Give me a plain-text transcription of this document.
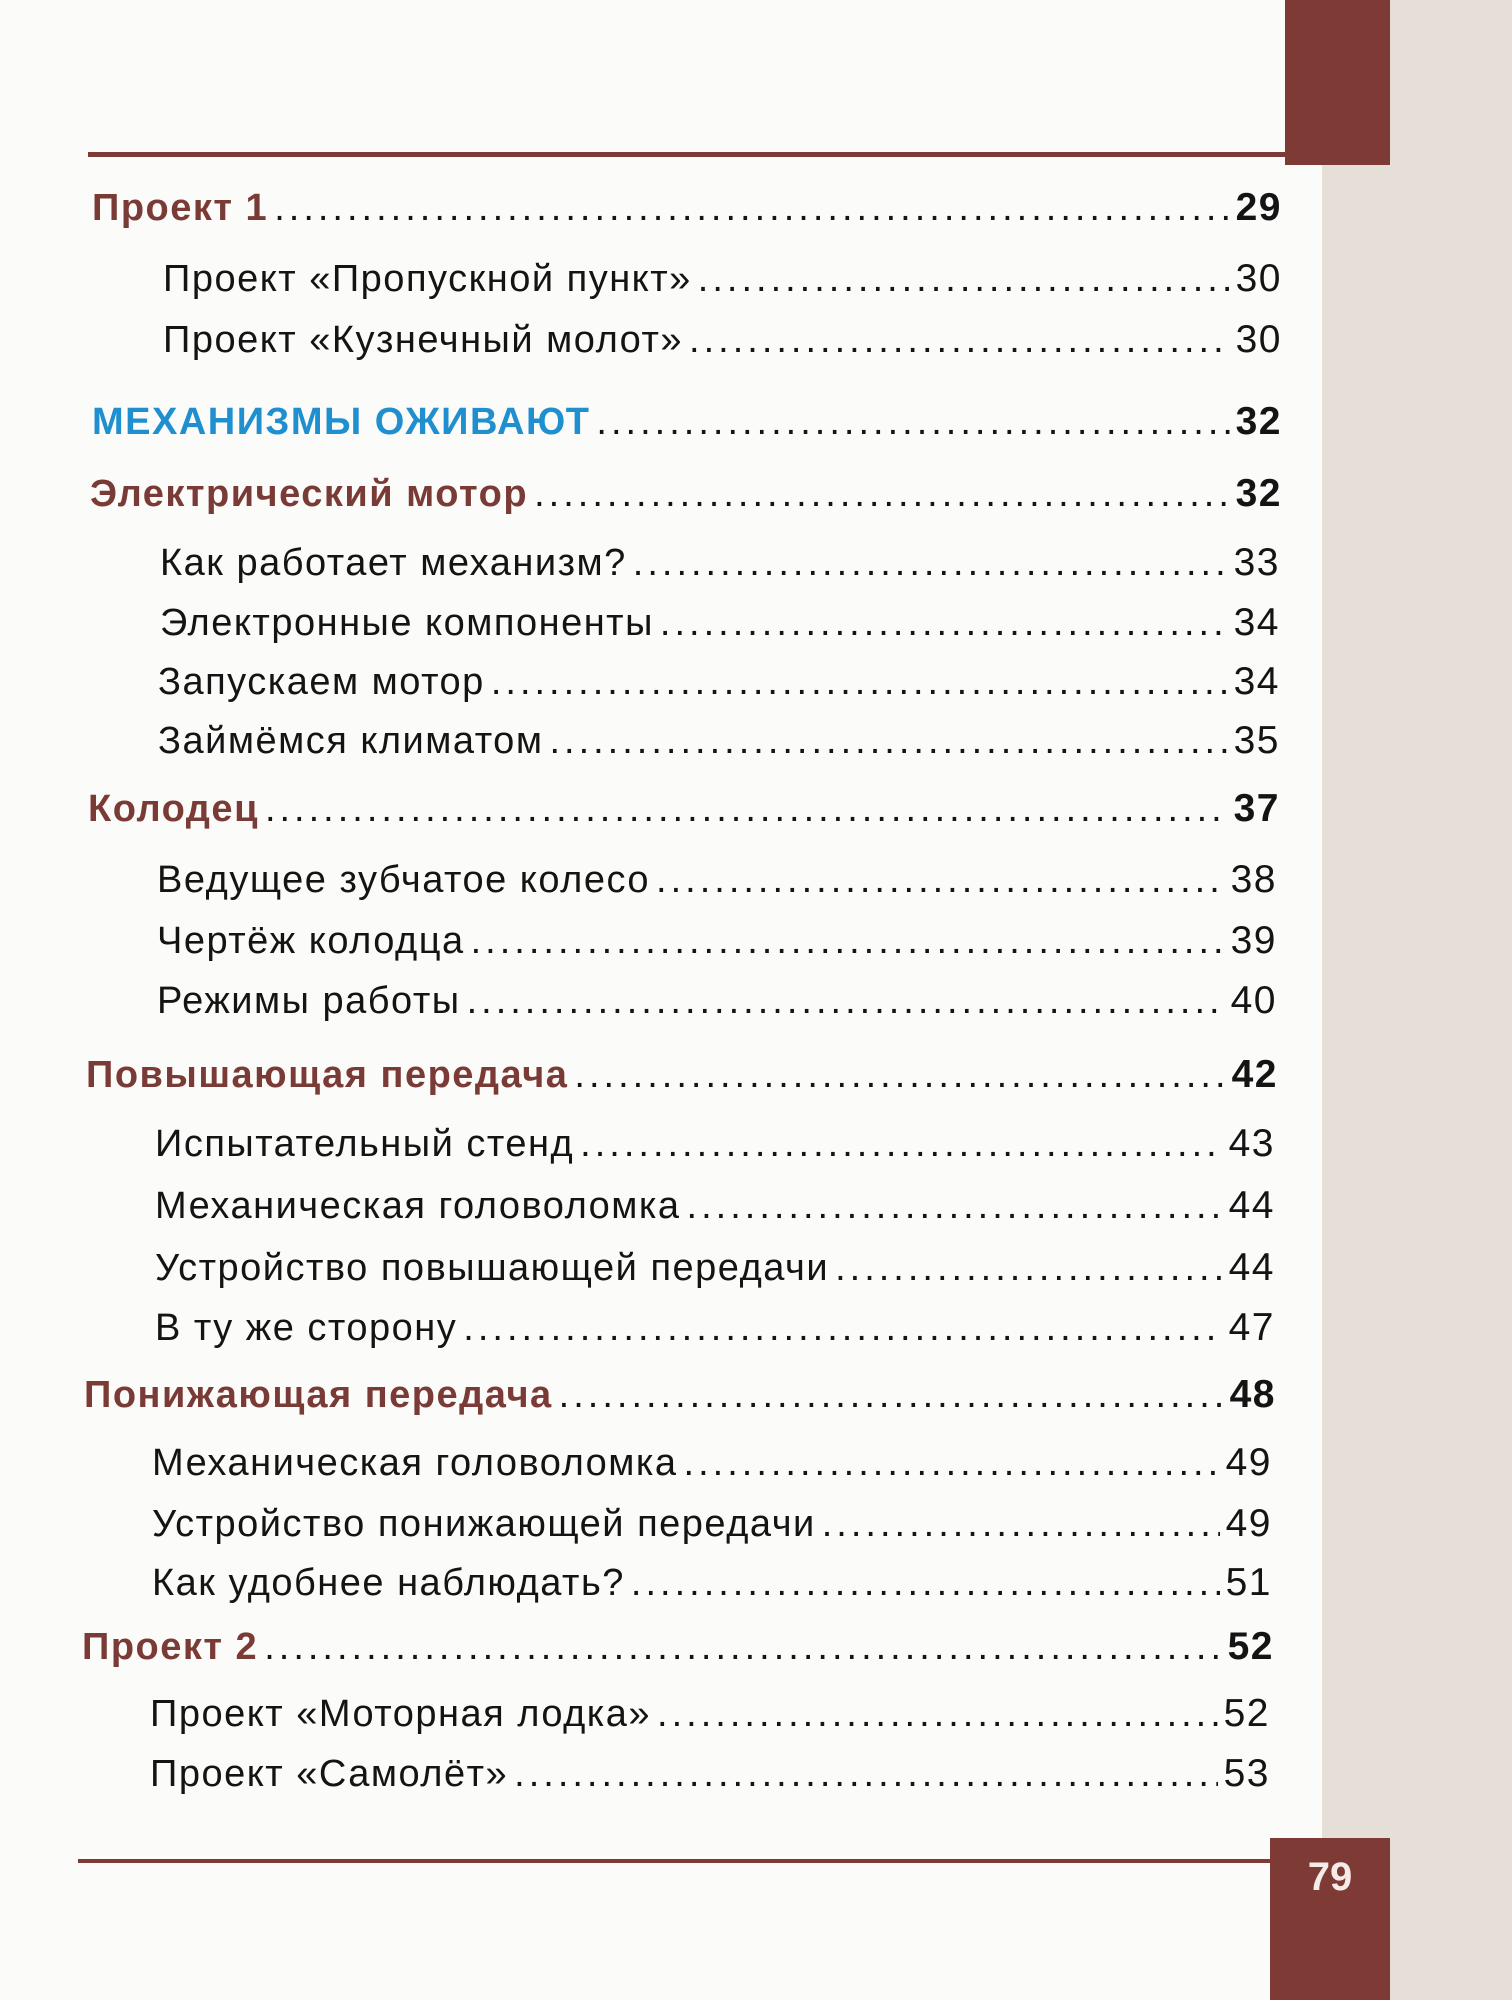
Проект 1 .....	29
Проект «Пропускной пункт» .....	30
Проект «Кузнечный молот» .....	30
МЕХАНИЗМЫ ОЖИВАЮТ .....	32
Электрический мотор .....	32
Как работает механизм? .....	33
Электронные компоненты .....	34
Запускаем мотор .....	34
Займёмся климатом .....	35
Колодец .....	37
Ведущее зубчатое колесо .....	38
Чертёж колодца .....	39
Режимы работы .....	40
Повышающая передача .....	42
Испытательный стенд .....	43
Механическая головоломка .....	44
Устройство повышающей передачи .....	44
В ту же сторону .....	47
Понижающая передача .....	48
Механическая головоломка .....	49
Устройство понижающей передачи .....	49
Как удобнее наблюдать? .....	51
Проект 2 .....	52
Проект «Моторная лодка» .....	52
Проект «Самолёт» .....	53
79
